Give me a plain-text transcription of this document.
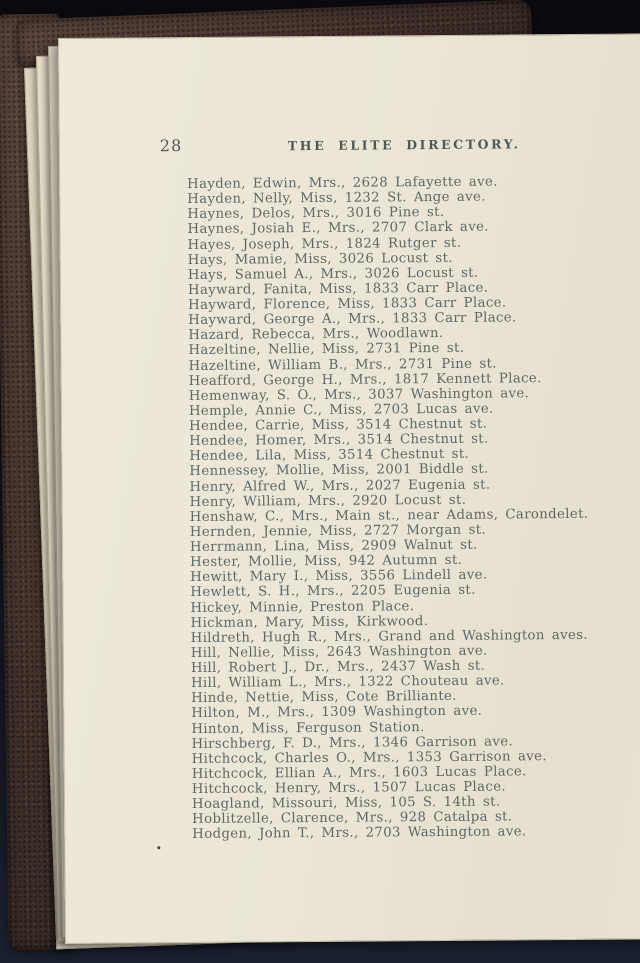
28	THE ELITE DIRECTORY.
Hayden, Edwin, Mrs., 2628 Lafayette ave.
Hayden, Nelly, Miss, 1232 St. Ange ave.
Haynes, Delos, Mrs., 3016 Pine st.
Haynes, Josiah E., Mrs., 2707 Clark ave.
Hayes, Joseph, Mrs., 1824 Rutger st.
Hays, Mamie, Miss, 3026 Locust st.
Hays, Samuel A., Mrs., 3026 Locust st.
Hayward, Fanita, Miss, 1833 Carr Place.
Hayward, Florence, Miss, 1833 Carr Place.
Hayward, George A., Mrs., 1833 Carr Place.
Hazard, Rebecca, Mrs., Woodlawn.
Hazeltine, Nellie, Miss, 2731 Pine st.
Hazeltine, William B., Mrs., 2731 Pine st.
Heafford, George H., Mrs., 1817 Kennett Place.
Hemenway, S. O., Mrs., 3037 Washington ave.
Hemple, Annie C., Miss, 2703 Lucas ave.
Hendee, Carrie, Miss, 3514 Chestnut st.
Hendee, Homer, Mrs., 3514 Chestnut st.
Hendee, Lila, Miss, 3514 Chestnut st.
Hennessey, Mollie, Miss, 2001 Biddle st.
Henry, Alfred W., Mrs., 2027 Eugenia st.
Henry, William, Mrs., 2920 Locust st.
Henshaw, C., Mrs., Main st., near Adams, Carondelet.
Hernden, Jennie, Miss, 2727 Morgan st.
Herrmann, Lina, Miss, 2909 Walnut st.
Hester, Mollie, Miss, 942 Autumn st.
Hewitt, Mary I., Miss, 3556 Lindell ave.
Hewlett, S. H., Mrs., 2205 Eugenia st.
Hickey, Minnie, Preston Place.
Hickman, Mary, Miss, Kirkwood.
Hildreth, Hugh R., Mrs., Grand and Washington aves.
Hill, Nellie, Miss, 2643 Washington ave.
Hill, Robert J., Dr., Mrs., 2437 Wash st.
Hill, William L., Mrs., 1322 Chouteau ave.
Hinde, Nettie, Miss, Cote Brilliante.
Hilton, M., Mrs., 1309 Washington ave.
Hinton, Miss, Ferguson Station.
Hirschberg, F. D., Mrs., 1346 Garrison ave.
Hitchcock, Charles O., Mrs., 1353 Garrison ave.
Hitchcock, Ellian A., Mrs., 1603 Lucas Place.
Hitchcock, Henry, Mrs., 1507 Lucas Place.
Hoagland, Missouri, Miss, 105 S. 14th st.
Hoblitzelle, Clarence, Mrs., 928 Catalpa st.
Hodgen, John T., Mrs., 2703 Washington ave.
